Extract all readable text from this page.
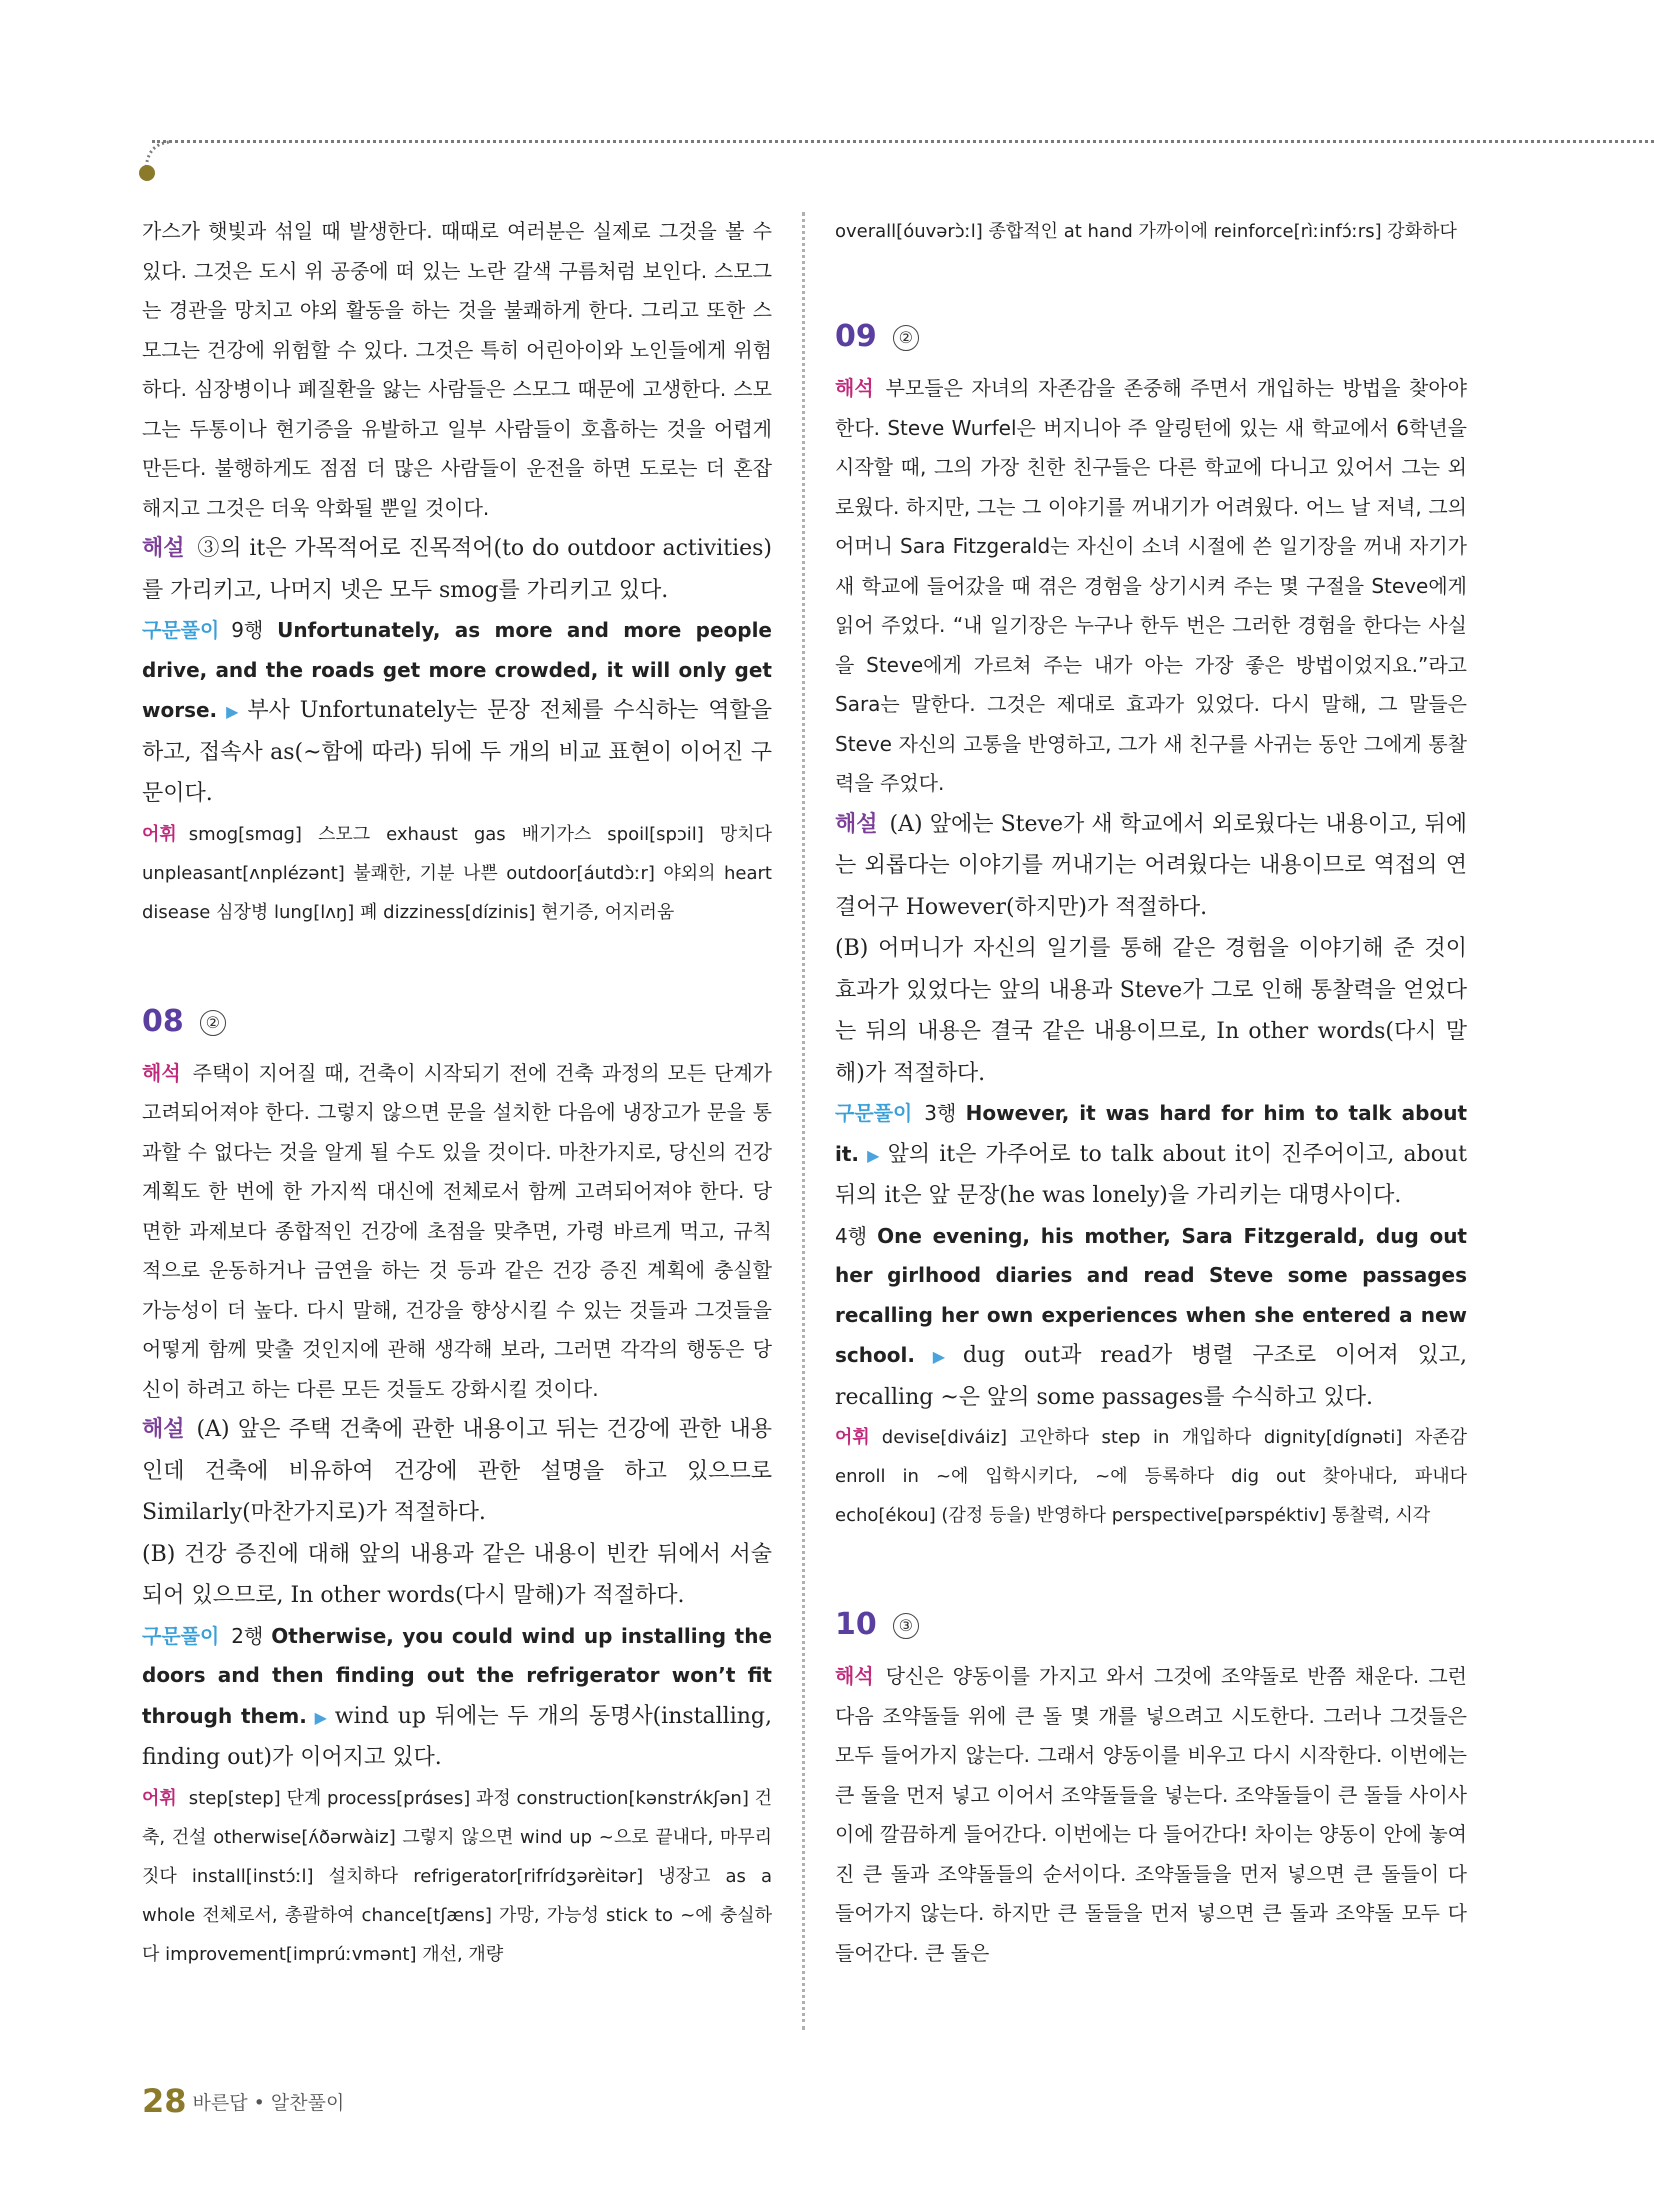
가스가 햇빛과 섞일 때 발생한다. 때때로 여러분은 실제로 그것을 볼 수 있다. 그것은 도시 위 공중에 떠 있는 노란 갈색 구름처럼 보인다. 스모그는 경관을 망치고 야외 활동을 하는 것을 불쾌하게 한다. 그리고 또한 스모그는 건강에 위험할 수 있다. 그것은 특히 어린아이와 노인들에게 위험하다. 심장병이나 폐질환을 앓는 사람들은 스모그 때문에 고생한다. 스모그는 두통이나 현기증을 유발하고 일부 사람들이 호흡하는 것을 어렵게 만든다. 불행하게도 점점 더 많은 사람들이 운전을 하면 도로는 더 혼잡해지고 그것은 더욱 악화될 뿐일 것이다.

해설 ③의 it은 가목적어로 진목적어(to do outdoor activities)를 가리키고, 나머지 넷은 모두 smog를 가리키고 있다.

구문풀이 9행 Unfortunately, as more and more people drive, and the roads get more crowded, it will only get worse. ▶ 부사 Unfortunately는 문장 전체를 수식하는 역할을 하고, 접속사 as(~함에 따라) 뒤에 두 개의 비교 표현이 이어진 구문이다.

어휘 smog[smɑɡ] 스모그 exhaust gas 배기가스 spoil[spɔil] 망치다 unpleasant[ʌnplézənt] 불쾌한, 기분 나쁜 outdoor[áutdɔ̀ːr] 야외의 heart disease 심장병 lung[lʌŋ] 폐 dizziness[dízinis] 현기증, 어지러움

08 ②

해석 주택이 지어질 때, 건축이 시작되기 전에 건축 과정의 모든 단계가 고려되어져야 한다. 그렇지 않으면 문을 설치한 다음에 냉장고가 문을 통과할 수 없다는 것을 알게 될 수도 있을 것이다. 마찬가지로, 당신의 건강 계획도 한 번에 한 가지씩 대신에 전체로서 함께 고려되어져야 한다. 당면한 과제보다 종합적인 건강에 초점을 맞추면, 가령 바르게 먹고, 규칙적으로 운동하거나 금연을 하는 것 등과 같은 건강 증진 계획에 충실할 가능성이 더 높다. 다시 말해, 건강을 향상시킬 수 있는 것들과 그것들을 어떻게 함께 맞출 것인지에 관해 생각해 보라, 그러면 각각의 행동은 당신이 하려고 하는 다른 모든 것들도 강화시킬 것이다.

해설 (A) 앞은 주택 건축에 관한 내용이고 뒤는 건강에 관한 내용인데 건축에 비유하여 건강에 관한 설명을 하고 있으므로 Similarly(마찬가지로)가 적절하다.

(B) 건강 증진에 대해 앞의 내용과 같은 내용이 빈칸 뒤에서 서술되어 있으므로, In other words(다시 말해)가 적절하다.

구문풀이 2행 Otherwise, you could wind up installing the doors and then finding out the refrigerator won’t fit through them. ▶ wind up 뒤에는 두 개의 동명사(installing, finding out)가 이어지고 있다.

어휘 step[step] 단계 process[prɑ́ses] 과정 construction[kənstrʌ́kʃən] 건축, 건설 otherwise[ʌ́ðərwàiz] 그렇지 않으면 wind up ~으로 끝내다, 마무리 짓다 install[instɔ́ːl] 설치하다 refrigerator[rifrídʒərèitər] 냉장고 as a whole 전체로서, 총괄하여 chance[tʃæns] 가망, 가능성 stick to ~에 충실하다 improvement[imprúːvmənt] 개선, 개량

overall[óuvərɔ̀ːl] 종합적인 at hand 가까이에 reinforce[rìːinfɔ́ːrs] 강화하다

09 ②

해석 부모들은 자녀의 자존감을 존중해 주면서 개입하는 방법을 찾아야 한다. Steve Wurfel은 버지니아 주 알링턴에 있는 새 학교에서 6학년을 시작할 때, 그의 가장 친한 친구들은 다른 학교에 다니고 있어서 그는 외로웠다. 하지만, 그는 그 이야기를 꺼내기가 어려웠다. 어느 날 저녁, 그의 어머니 Sara Fitzgerald는 자신이 소녀 시절에 쓴 일기장을 꺼내 자기가 새 학교에 들어갔을 때 겪은 경험을 상기시켜 주는 몇 구절을 Steve에게 읽어 주었다. “내 일기장은 누구나 한두 번은 그러한 경험을 한다는 사실을 Steve에게 가르쳐 주는 내가 아는 가장 좋은 방법이었지요.”라고 Sara는 말한다. 그것은 제대로 효과가 있었다. 다시 말해, 그 말들은 Steve 자신의 고통을 반영하고, 그가 새 친구를 사귀는 동안 그에게 통찰력을 주었다.

해설 (A) 앞에는 Steve가 새 학교에서 외로웠다는 내용이고, 뒤에는 외롭다는 이야기를 꺼내기는 어려웠다는 내용이므로 역접의 연결어구 However(하지만)가 적절하다.

(B) 어머니가 자신의 일기를 통해 같은 경험을 이야기해 준 것이 효과가 있었다는 앞의 내용과 Steve가 그로 인해 통찰력을 얻었다는 뒤의 내용은 결국 같은 내용이므로, In other words(다시 말해)가 적절하다.

구문풀이 3행 However, it was hard for him to talk about it. ▶ 앞의 it은 가주어로 to talk about it이 진주어이고, about 뒤의 it은 앞 문장(he was lonely)을 가리키는 대명사이다.

4행 One evening, his mother, Sara Fitzgerald, dug out her girlhood diaries and read Steve some passages recalling her own experiences when she entered a new school. ▶ dug out과 read가 병렬 구조로 이어져 있고, recalling ~은 앞의 some passages를 수식하고 있다.

어휘 devise[diváiz] 고안하다 step in 개입하다 dignity[dígnəti] 자존감 enroll in ~에 입학시키다, ~에 등록하다 dig out 찾아내다, 파내다 echo[ékou] (감정 등을) 반영하다 perspective[pərspéktiv] 통찰력, 시각

10 ③

해석 당신은 양동이를 가지고 와서 그것에 조약돌로 반쯤 채운다. 그런 다음 조약돌들 위에 큰 돌 몇 개를 넣으려고 시도한다. 그러나 그것들은 모두 들어가지 않는다. 그래서 양동이를 비우고 다시 시작한다. 이번에는 큰 돌을 먼저 넣고 이어서 조약돌들을 넣는다. 조약돌들이 큰 돌들 사이사이에 깔끔하게 들어간다. 이번에는 다 들어간다! 차이는 양동이 안에 놓여진 큰 돌과 조약돌들의 순서이다. 조약돌들을 먼저 넣으면 큰 돌들이 다 들어가지 않는다. 하지만 큰 돌들을 먼저 넣으면 큰 돌과 조약돌 모두 다 들어간다. 큰 돌은

28 바른답 • 알찬풀이
